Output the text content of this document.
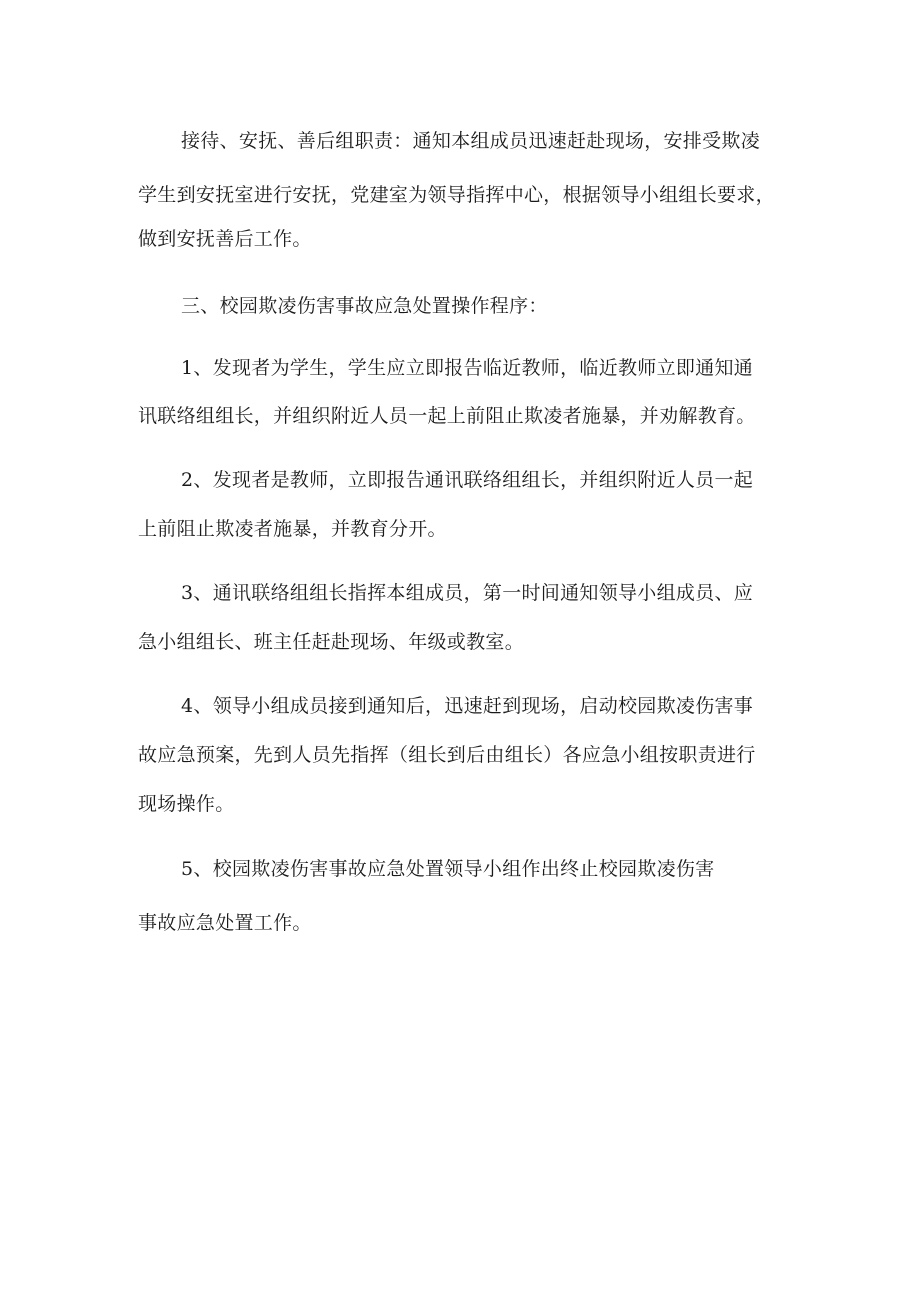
接待、安抚、善后组职责：通知本组成员迅速赶赴现场，安排受欺凌

学生到安抚室进行安抚，党建室为领导指挥中心，根据领导小组组长要求，

做到安抚善后工作。

三、校园欺凌伤害事故应急处置操作程序：

1、发现者为学生，学生应立即报告临近教师，临近教师立即通知通

讯联络组组长，并组织附近人员一起上前阻止欺凌者施暴，并劝解教育。

2、发现者是教师，立即报告通讯联络组组长，并组织附近人员一起

上前阻止欺凌者施暴，并教育分开。

3、通讯联络组组长指挥本组成员，第一时间通知领导小组成员、应

急小组组长、班主任赶赴现场、年级或教室。

4、领导小组成员接到通知后，迅速赶到现场，启动校园欺凌伤害事

故应急预案，先到人员先指挥（组长到后由组长）各应急小组按职责进行

现场操作。

5、校园欺凌伤害事故应急处置领导小组作出终止校园欺凌伤害

事故应急处置工作。
